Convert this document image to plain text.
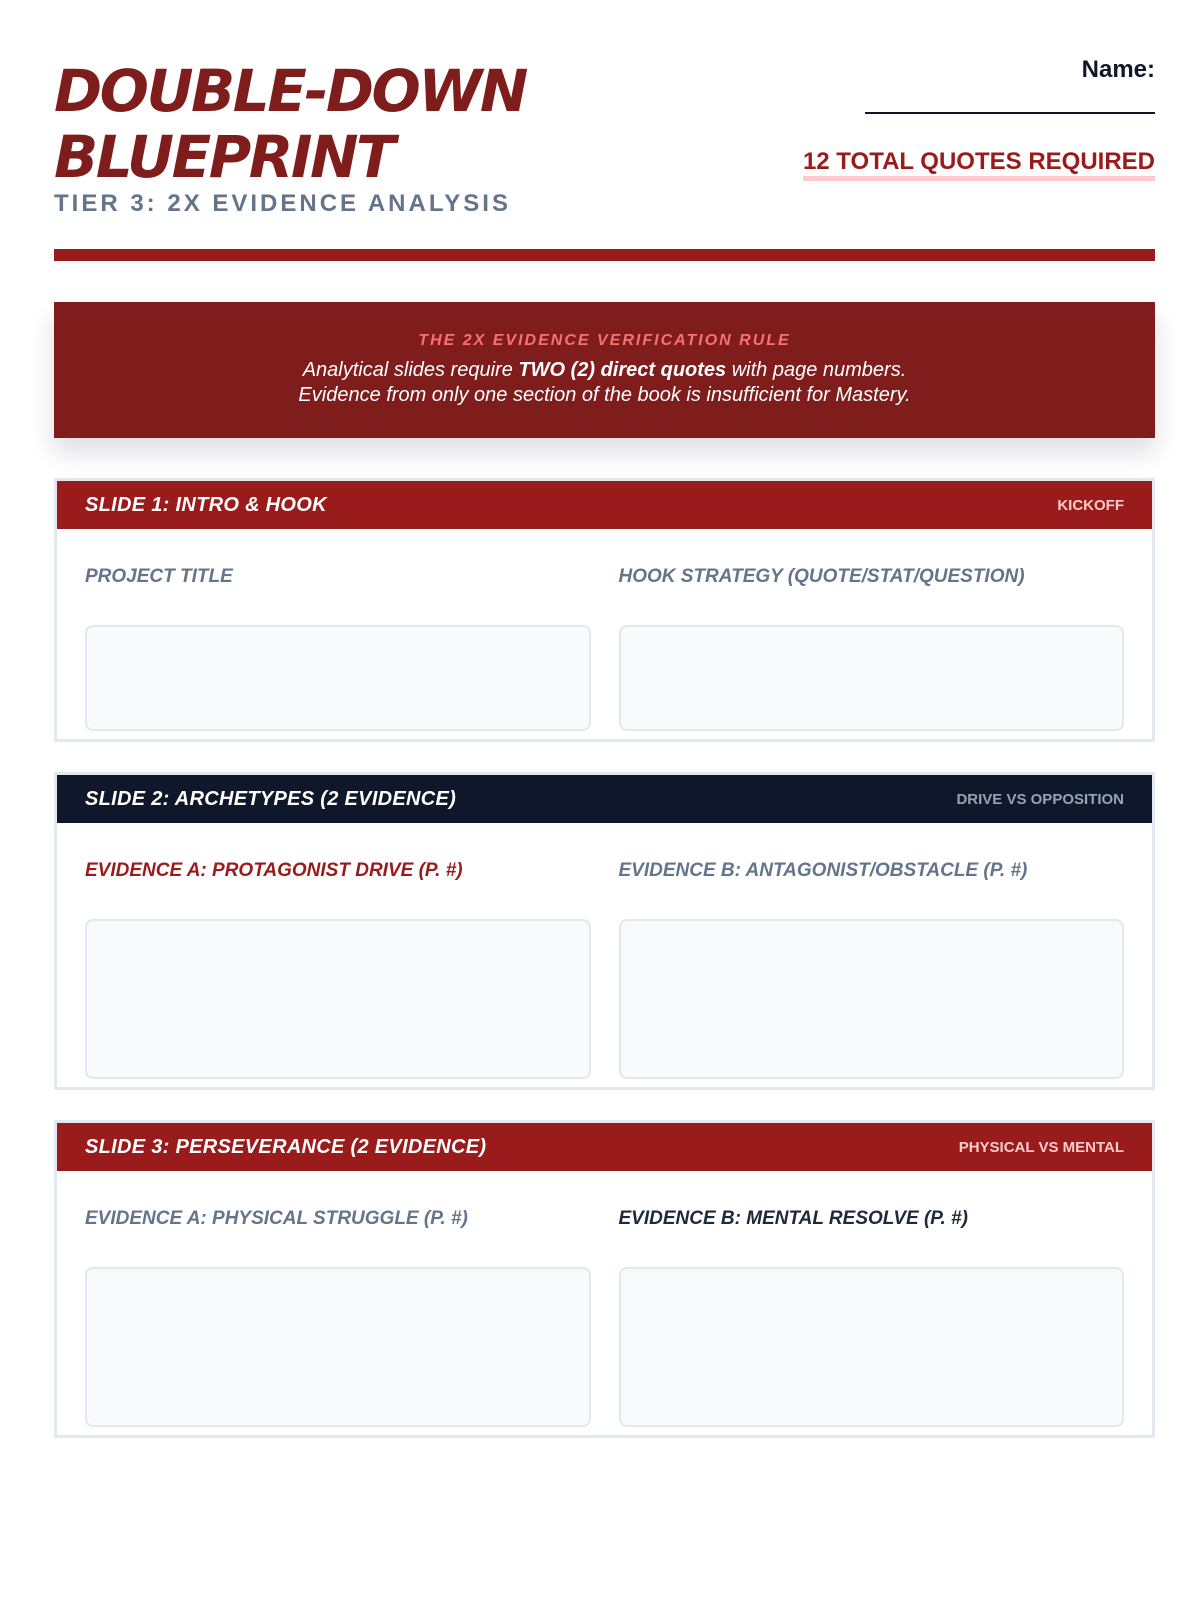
DOUBLE-DOWN
BLUEPRINT
TIER 3: 2X EVIDENCE ANALYSIS
Name:
12 TOTAL QUOTES REQUIRED
THE 2X EVIDENCE VERIFICATION RULE
Analytical slides require TWO (2) direct quotes with page numbers.
Evidence from only one section of the book is insufficient for Mastery.
SLIDE 1: INTRO & HOOK	KICKOFF
PROJECT TITLE	HOOK STRATEGY (QUOTE/STAT/QUESTION)
SLIDE 2: ARCHETYPES (2 EVIDENCE)	DRIVE VS OPPOSITION
EVIDENCE A: PROTAGONIST DRIVE (P. #)	EVIDENCE B: ANTAGONIST/OBSTACLE (P. #)
SLIDE 3: PERSEVERANCE (2 EVIDENCE)	PHYSICAL VS MENTAL
EVIDENCE A: PHYSICAL STRUGGLE (P. #)	EVIDENCE B: MENTAL RESOLVE (P. #)
